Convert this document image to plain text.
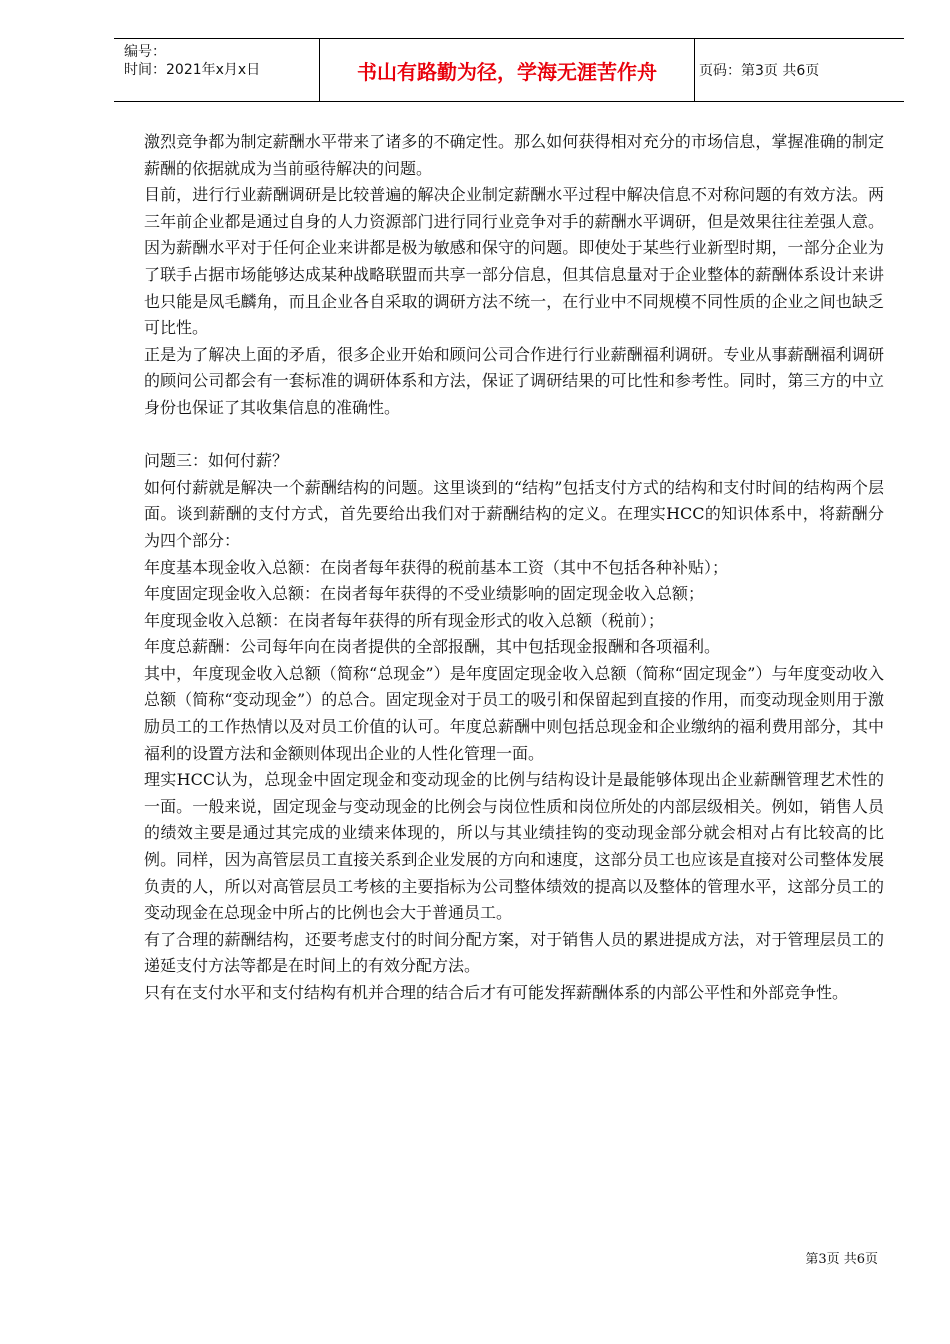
编号：
时间：2021年x月x日	书山有路勤为径，学海无涯苦作舟	页码：第3页 共6页

激烈竞争都为制定薪酬水平带来了诸多的不确定性。那么如何获得相对充分的市场信息，掌握准确的制定薪酬的依据就成为当前亟待解决的问题。

目前，进行行业薪酬调研是比较普遍的解决企业制定薪酬水平过程中解决信息不对称问题的有效方法。两三年前企业都是通过自身的人力资源部门进行同行业竞争对手的薪酬水平调研，但是效果往往差强人意。因为薪酬水平对于任何企业来讲都是极为敏感和保守的问题。即使处于某些行业新型时期，一部分企业为了联手占据市场能够达成某种战略联盟而共享一部分信息，但其信息量对于企业整体的薪酬体系设计来讲也只能是凤毛麟角，而且企业各自采取的调研方法不统一，在行业中不同规模不同性质的企业之间也缺乏可比性。

正是为了解决上面的矛盾，很多企业开始和顾问公司合作进行行业薪酬福利调研。专业从事薪酬福利调研的顾问公司都会有一套标准的调研体系和方法，保证了调研结果的可比性和参考性。同时，第三方的中立身份也保证了其收集信息的准确性。

问题三：如何付薪？

如何付薪就是解决一个薪酬结构的问题。这里谈到的“结构”包括支付方式的结构和支付时间的结构两个层面。谈到薪酬的支付方式，首先要给出我们对于薪酬结构的定义。在理实HCC的知识体系中，将薪酬分为四个部分：

年度基本现金收入总额：在岗者每年获得的税前基本工资（其中不包括各种补贴）；

年度固定现金收入总额：在岗者每年获得的不受业绩影响的固定现金收入总额；

年度现金收入总额：在岗者每年获得的所有现金形式的收入总额（税前）；

年度总薪酬：公司每年向在岗者提供的全部报酬，其中包括现金报酬和各项福利。

其中，年度现金收入总额（简称“总现金”）是年度固定现金收入总额（简称“固定现金”）与年度变动收入总额（简称“变动现金”）的总合。固定现金对于员工的吸引和保留起到直接的作用，而变动现金则用于激励员工的工作热情以及对员工价值的认可。年度总薪酬中则包括总现金和企业缴纳的福利费用部分，其中福利的设置方法和金额则体现出企业的人性化管理一面。

理实HCC认为，总现金中固定现金和变动现金的比例与结构设计是最能够体现出企业薪酬管理艺术性的一面。一般来说，固定现金与变动现金的比例会与岗位性质和岗位所处的内部层级相关。例如，销售人员的绩效主要是通过其完成的业绩来体现的，所以与其业绩挂钩的变动现金部分就会相对占有比较高的比例。同样，因为高管层员工直接关系到企业发展的方向和速度，这部分员工也应该是直接对公司整体发展负责的人，所以对高管层员工考核的主要指标为公司整体绩效的提高以及整体的管理水平，这部分员工的变动现金在总现金中所占的比例也会大于普通员工。

有了合理的薪酬结构，还要考虑支付的时间分配方案，对于销售人员的累进提成方法，对于管理层员工的递延支付方法等都是在时间上的有效分配方法。

只有在支付水平和支付结构有机并合理的结合后才有可能发挥薪酬体系的内部公平性和外部竞争性。

第3页 共6页
